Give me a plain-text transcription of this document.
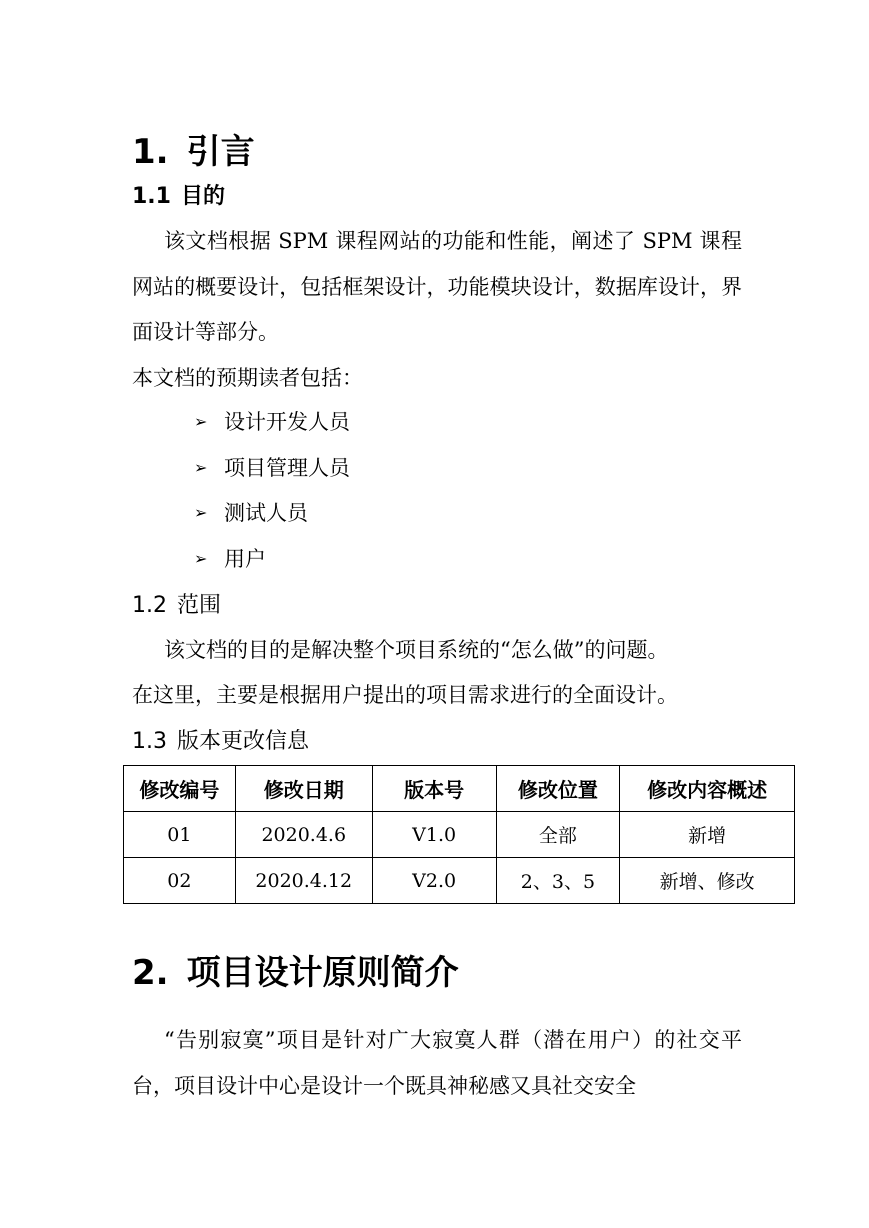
1. 引言
1.1 目的

该文档根据 SPM 课程网站的功能和性能，阐述了 SPM 课程网站的概要设计，包括框架设计，功能模块设计，数据库设计，界面设计等部分。

本文档的预期读者包括：

➢ 设计开发人员
➢ 项目管理人员
➢ 测试人员
➢ 用户
1.2 范围

该文档的目的是解决整个项目系统的“怎么做”的问题。

在这里，主要是根据用户提出的项目需求进行的全面设计。

1.3 版本更改信息
修改编号	修改日期	版本号	修改位置	修改内容概述
01	2020.4.6	V1.0	全部	新增
02	2020.4.12	V2.0	2、3、5	新增、修改
2. 项目设计原则简介

“告别寂寞”项目是针对广大寂寞人群（潜在用户）的社交平台，项目设计中心是设计一个既具神秘感又具社交安全
